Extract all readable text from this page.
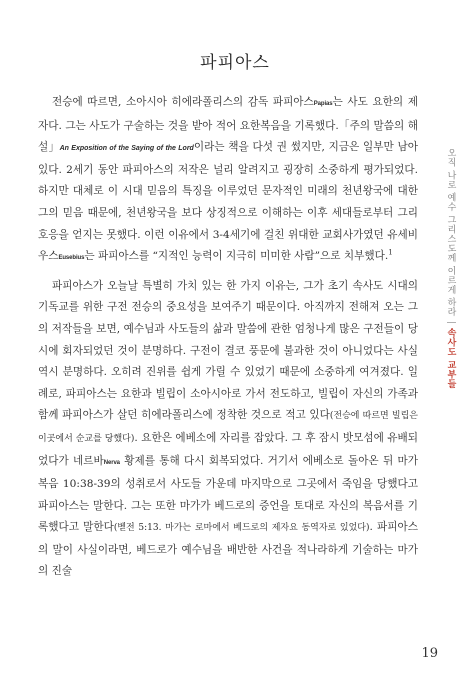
파피아스

전승에 따르면, 소아시아 히에라폴리스의 감독 파피아스Papias는 사도 요한의 제자다. 그는 사도가 구술하는 것을 받아 적어 요한복음을 기록했다.「주의 말씀의 해설」An Exposition of the Saying of the Lord이라는 책을 다섯 권 썼지만, 지금은 일부만 남아 있다. 2세기 동안 파피아스의 저작은 널리 알려지고 굉장히 소중하게 평가되었다. 하지만 대체로 이 시대 믿음의 특징을 이루었던 문자적인 미래의 천년왕국에 대한 그의 믿음 때문에, 천년왕국을 보다 상징적으로 이해하는 이후 세대들로부터 그리 호응을 얻지는 못했다. 이런 이유에서 3-4세기에 걸친 위대한 교회사가였던 유세비우스Eusebius는 파피아스를 “지적인 능력이 지극히 미미한 사람”으로 치부했다.$^1$

파피아스가 오늘날 특별히 가치 있는 한 가지 이유는, 그가 초기 속사도 시대의 기독교를 위한 구전 전승의 중요성을 보여주기 때문이다. 아직까지 전해져 오는 그의 저작들을 보면, 예수님과 사도들의 삶과 말씀에 관한 엄청나게 많은 구전들이 당시에 회자되었던 것이 분명하다. 구전이 결코 풍문에 불과한 것이 아니었다는 사실 역시 분명하다. 오히려 진위를 쉽게 가릴 수 있었기 때문에 소중하게 여겨졌다. 일례로, 파피아스는 요한과 빌립이 소아시아로 가서 전도하고, 빌립이 자신의 가족과 함께 파피아스가 살던 히에라폴리스에 정착한 것으로 적고 있다(전승에 따르면 빌립은 이곳에서 순교를 당했다). 요한은 에베소에 자리를 잡았다. 그 후 잠시 밧모섬에 유배되었다가 네르바Nerva 황제를 통해 다시 회복되었다. 거기서 에베소로 돌아온 뒤 마가복음 10:38-39의 성취로서 사도들 가운데 마지막으로 그곳에서 죽임을 당했다고 파피아스는 말한다. 그는 또한 마가가 베드로의 증언을 토대로 자신의 복음서를 기록했다고 말한다(벧전 5:13. 마가는 로마에서 베드로의 제자요 동역자로 있었다). 파피아스의 말이 사실이라면, 베드로가 예수님을 배반한 사건을 적나라하게 기술하는 마가의 진술

오직 나로 예수 그리스도께 이르게 하라
|
속사도 교부들
19
